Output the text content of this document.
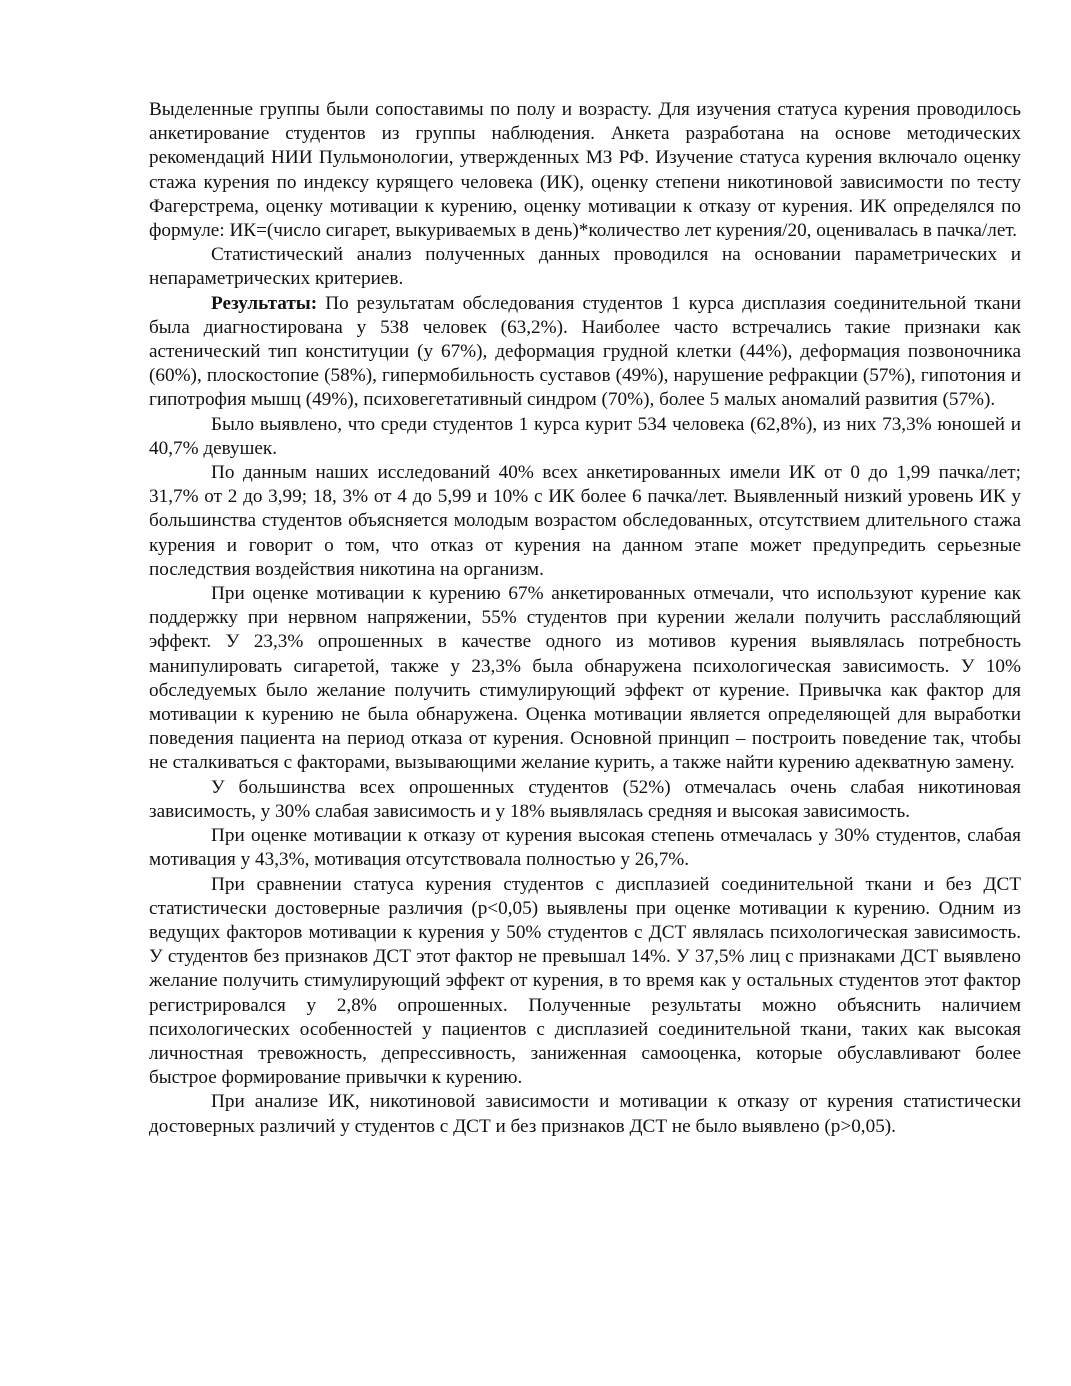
Выделенные группы были сопоставимы по полу и возрасту. Для изучения статуса курения проводилось анкетирование студентов из группы наблюдения. Анкета разработана на основе методических рекомендаций НИИ Пульмонологии, утвержденных МЗ РФ. Изучение статуса курения включало оценку стажа курения по индексу курящего человека (ИК), оценку степени никотиновой зависимости по тесту Фагерстрема, оценку мотивации к курению, оценку мотивации к отказу от курения. ИК определялся по формуле: ИК=(число сигарет, выкуриваемых в день)*количество лет курения/20, оценивалась в пачка/лет.

Статистический анализ полученных данных проводился на основании параметрических и непараметрических критериев.

Результаты: По результатам обследования студентов 1 курса дисплазия соединительной ткани была диагностирована у 538 человек (63,2%). Наиболее часто встречались такие признаки как астенический тип конституции (у 67%), деформация грудной клетки (44%), деформация позвоночника (60%), плоскостопие (58%), гипермобильность суставов (49%), нарушение рефракции (57%), гипотония и гипотрофия мышц (49%), психовегетативный синдром (70%), более 5 малых аномалий развития (57%).

Было выявлено, что среди студентов 1 курса курит 534 человека (62,8%), из них 73,3% юношей и 40,7% девушек.

По данным наших исследований 40% всех анкетированных имели ИК от 0 до 1,99 пачка/лет; 31,7% от 2 до 3,99; 18, 3% от 4 до 5,99 и 10% с ИК более 6 пачка/лет. Выявленный низкий уровень ИК у большинства студентов объясняется молодым возрастом обследованных, отсутствием длительного стажа курения и говорит о том, что отказ от курения на данном этапе может предупредить серьезные последствия воздействия никотина на организм.

При оценке мотивации к курению 67% анкетированных отмечали, что используют курение как поддержку при нервном напряжении, 55% студентов при курении желали получить расслабляющий эффект. У 23,3% опрошенных в качестве одного из мотивов курения выявлялась потребность манипулировать сигаретой, также у 23,3% была обнаружена психологическая зависимость. У 10% обследуемых было желание получить стимулирующий эффект от курение. Привычка как фактор для мотивации к курению не была обнаружена. Оценка мотивации является определяющей для выработки поведения пациента на период отказа от курения. Основной принцип – построить поведение так, чтобы не сталкиваться с факторами, вызывающими желание курить, а также найти курению адекватную замену.

У большинства всех опрошенных студентов (52%) отмечалась очень слабая никотиновая зависимость, у 30% слабая зависимость и у 18% выявлялась средняя и высокая зависимость.

При оценке мотивации к отказу от курения высокая степень отмечалась у 30% студентов, слабая мотивация у 43,3%, мотивация отсутствовала полностью у 26,7%.

При сравнении статуса курения студентов с дисплазией соединительной ткани и без ДСТ статистически достоверные различия (p<0,05) выявлены при оценке мотивации к курению. Одним из ведущих факторов мотивации к курения у 50% студентов с ДСТ являлась психологическая зависимость. У студентов без признаков ДСТ этот фактор не превышал 14%. У 37,5% лиц с признаками ДСТ выявлено желание получить стимулирующий эффект от курения, в то время как у остальных студентов этот фактор регистрировался у 2,8% опрошенных. Полученные результаты можно объяснить наличием психологических особенностей у пациентов с дисплазией соединительной ткани, таких как высокая личностная тревожность, депрессивность, заниженная самооценка, которые обуславливают более быстрое формирование привычки к курению.

При анализе ИК, никотиновой зависимости и мотивации к отказу от курения статистически достоверных различий у студентов с ДСТ и без признаков ДСТ не было выявлено (p>0,05).
